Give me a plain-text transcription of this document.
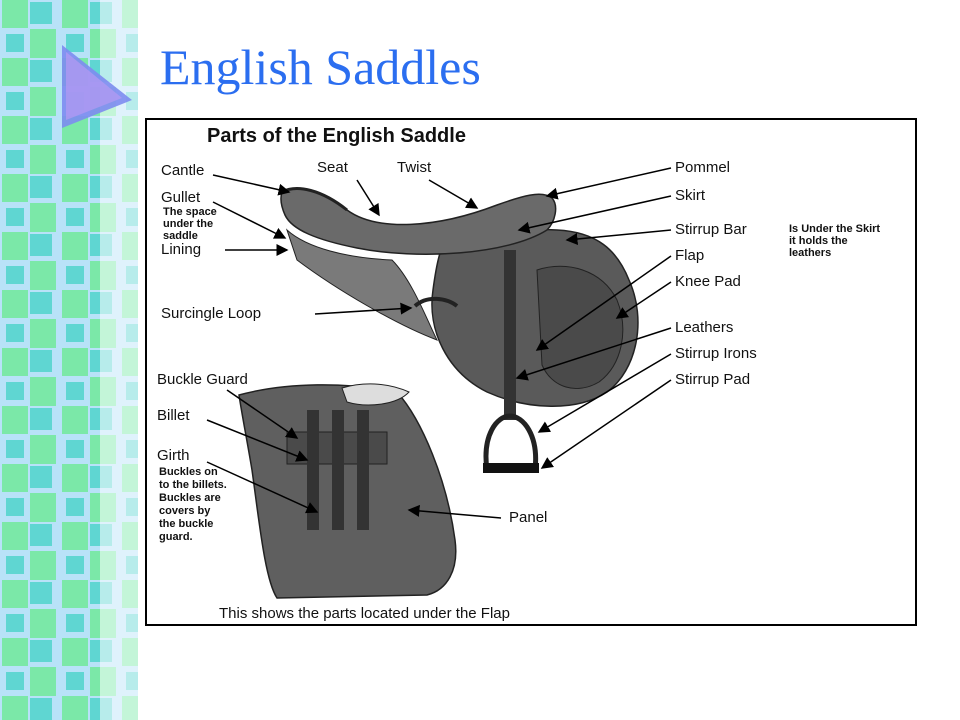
English Saddles
Parts of the English Saddle
Cantle	Seat	Twist
Gullet
The space
under the
saddle
Lining
Surcingle Loop
Buckle Guard
Billet
Girth
Buckles on
to the billets.
Buckles are
covers by
the buckle
guard.
Pommel
Skirt
Stirrup Bar	Is Under the Skirt
it holds the
leathers
Flap
Knee Pad
Leathers
Stirrup Irons
Stirrup Pad
Panel
This shows the parts located under the Flap
